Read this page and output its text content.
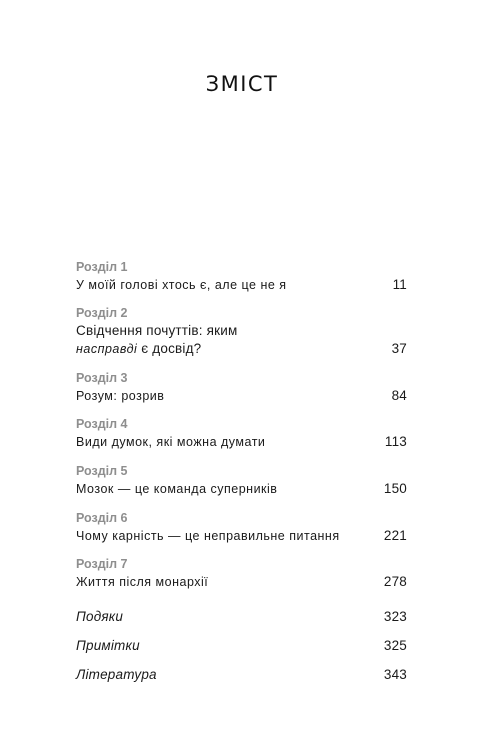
ЗМІСТ
Розділ 1
У моїй голові хтось є, але це не я	11
Розділ 2
Свідчення почуттів: яким
насправді є досвід?	37
Розділ 3
Розум: розрив	84
Розділ 4
Види думок, які можна думати	113
Розділ 5
Мозок — це команда суперників	150
Розділ 6
Чому карність — це неправильне питання	221
Розділ 7
Життя після монархії	278
Подяки	323
Примітки	325
Література	343
